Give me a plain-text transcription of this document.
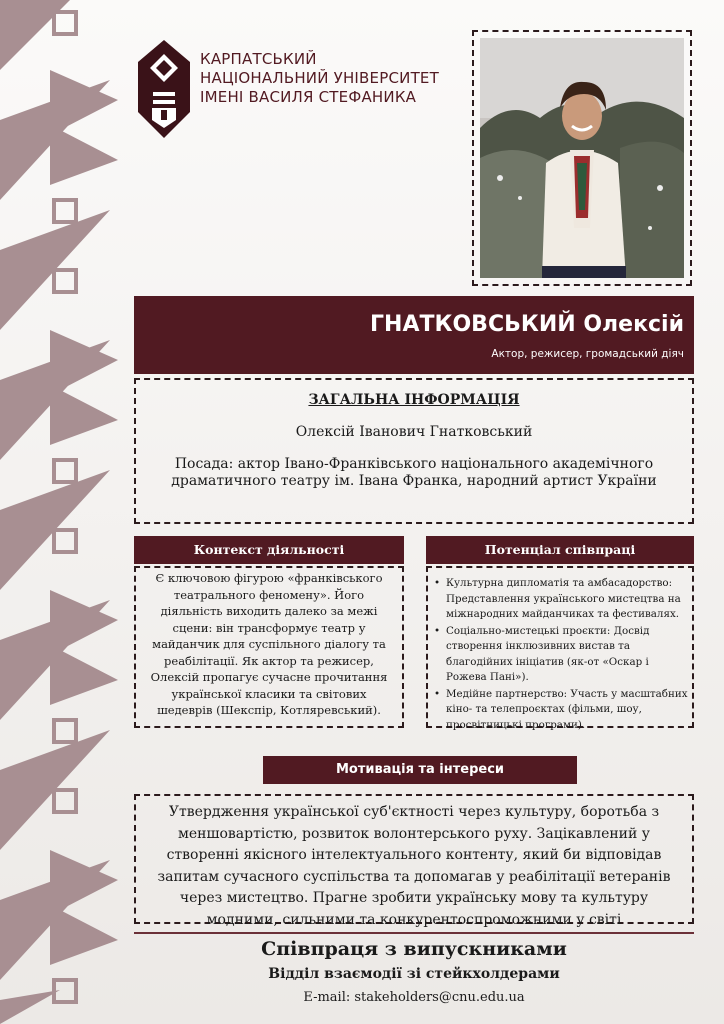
КАРПАТСЬКИЙ
НАЦІОНАЛЬНИЙ УНІВЕРСИТЕТ
ІМЕНІ ВАСИЛЯ СТЕФАНИКА
ГНАТКОВСЬКИЙ Олексій
Актор, режисер, громадський діяч
ЗАГАЛЬНА ІНФОРМАЦІЯ
Олексій Іванович Гнатковський
Посада: актор Івано-Франківського національного академічного драматичного театру ім. Івана Франка, народний артист України
Контекст діяльності
Є ключовою фігурою «франківського театрального феномену». Його діяльність виходить далеко за межі сцени: він трансформує театр у майданчик для суспільного діалогу та реабілітації. Як актор та режисер, Олексій пропагує сучасне прочитання української класики та світових шедеврів (Шекспір, Котляревський).
Потенціал співпраці
• Культурна дипломатія та амбасадорство: Представлення українського мистецтва на міжнародних майданчиках та фестивалях.
• Соціально-мистецькі проєкти: Досвід створення інклюзивних вистав та благодійних ініціатив (як-от «Оскар і Рожева Пані»).
• Медійне партнерство: Участь у масштабних кіно- та телепроєктах (фільми, шоу, просвітницькі програми).
Мотивація та інтереси
Утвердження української суб'єктності через культуру, боротьба з меншовартістю, розвиток волонтерського руху. Зацікавлений у створенні якісного інтелектуального контенту, який би відповідав запитам сучасного суспільства та допомагав у реабілітації ветеранів через мистецтво. Прагне зробити українську мову та культуру модними, сильними та конкурентоспроможними у світі
Співпраця з випускниками
Відділ взаємодії зі стейкхолдерами
E-mail: stakeholders@cnu.edu.ua
